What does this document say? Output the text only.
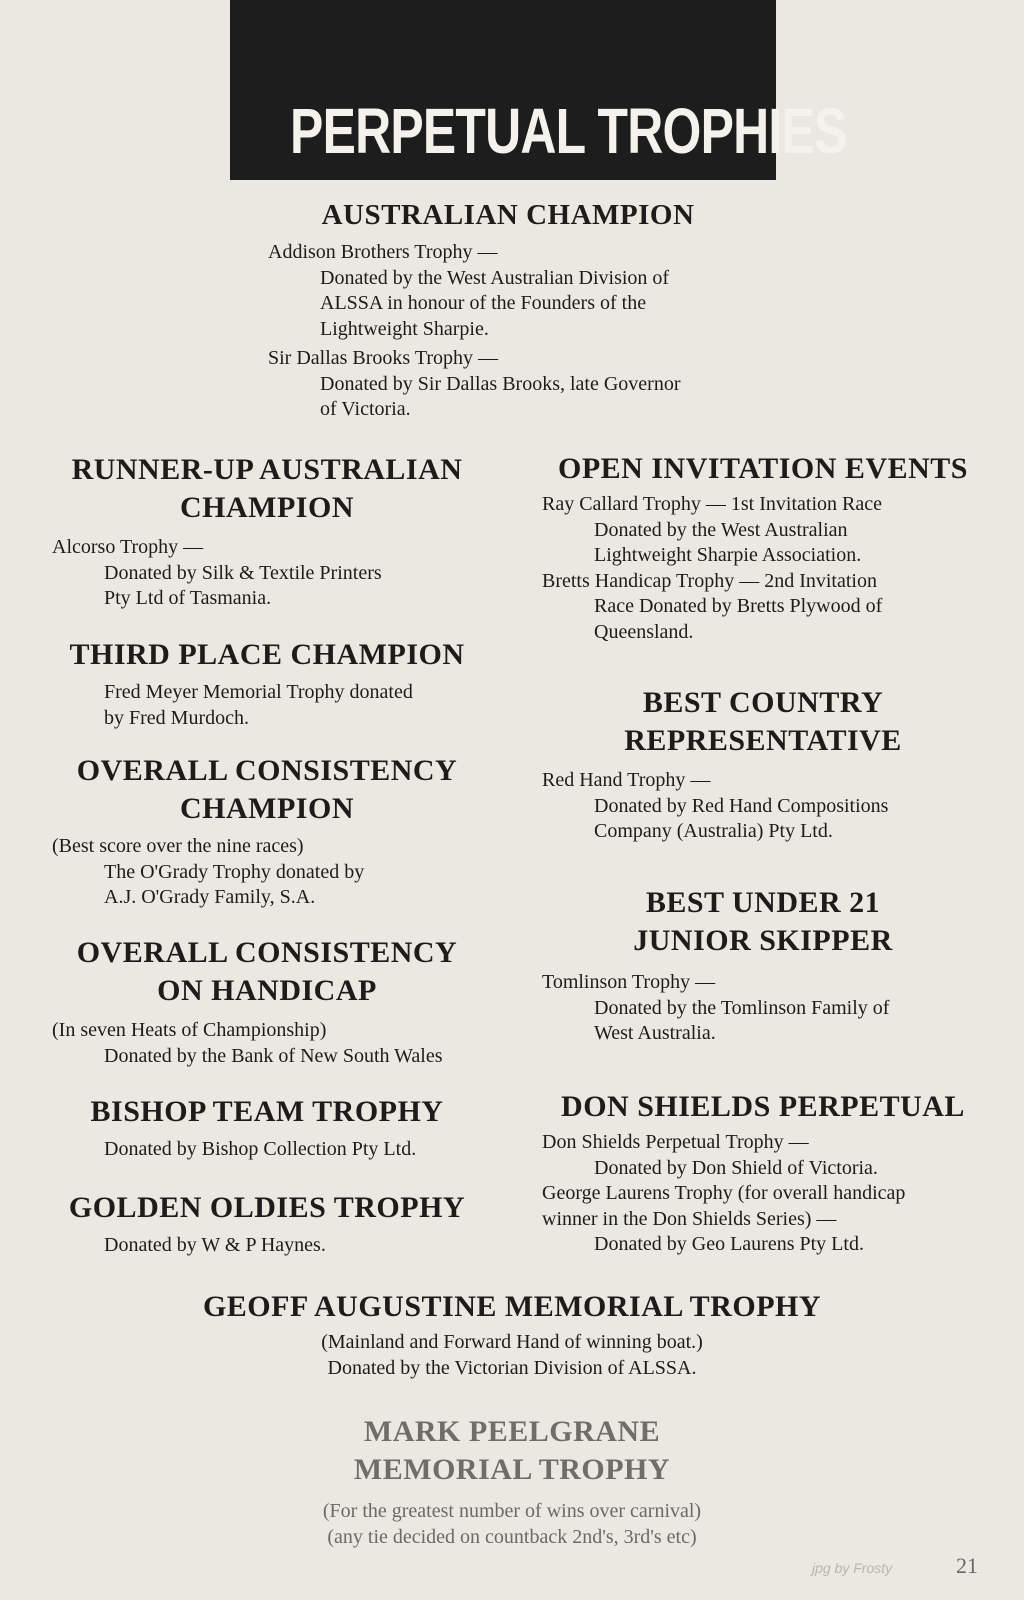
PERPETUAL TROPHIES

AUSTRALIAN CHAMPION

Addison Brothers Trophy —

Donated by the West Australian Division of

ALSSA in honour of the Founders of the

Lightweight Sharpie.

Sir Dallas Brooks Trophy —

Donated by Sir Dallas Brooks, late Governor

of Victoria.

RUNNER-UP AUSTRALIAN

CHAMPION

Alcorso Trophy —

Donated by Silk & Textile Printers

Pty Ltd of Tasmania.

THIRD PLACE CHAMPION

Fred Meyer Memorial Trophy donated

by Fred Murdoch.

OVERALL CONSISTENCY

CHAMPION

(Best score over the nine races)

The O'Grady Trophy donated by

A.J. O'Grady Family, S.A.

OVERALL CONSISTENCY

ON HANDICAP

(In seven Heats of Championship)

Donated by the Bank of New South Wales

BISHOP TEAM TROPHY

Donated by Bishop Collection Pty Ltd.

GOLDEN OLDIES TROPHY

Donated by W & P Haynes.

OPEN INVITATION EVENTS

Ray Callard Trophy — 1st Invitation Race

Donated by the West Australian

Lightweight Sharpie Association.

Bretts Handicap Trophy — 2nd Invitation

Race Donated by Bretts Plywood of

Queensland.

BEST COUNTRY

REPRESENTATIVE

Red Hand Trophy —

Donated by Red Hand Compositions

Company (Australia) Pty Ltd.

BEST UNDER 21

JUNIOR SKIPPER

Tomlinson Trophy —

Donated by the Tomlinson Family of

West Australia.

DON SHIELDS PERPETUAL

Don Shields Perpetual Trophy —

Donated by Don Shield of Victoria.

George Laurens Trophy (for overall handicap

winner in the Don Shields Series) —

Donated by Geo Laurens Pty Ltd.

GEOFF AUGUSTINE MEMORIAL TROPHY

(Mainland and Forward Hand of winning boat.)

Donated by the Victorian Division of ALSSA.

MARK PEELGRANE

MEMORIAL TROPHY

(For the greatest number of wins over carnival)

(any tie decided on countback 2nd's, 3rd's etc)

jpg by Frosty	21
